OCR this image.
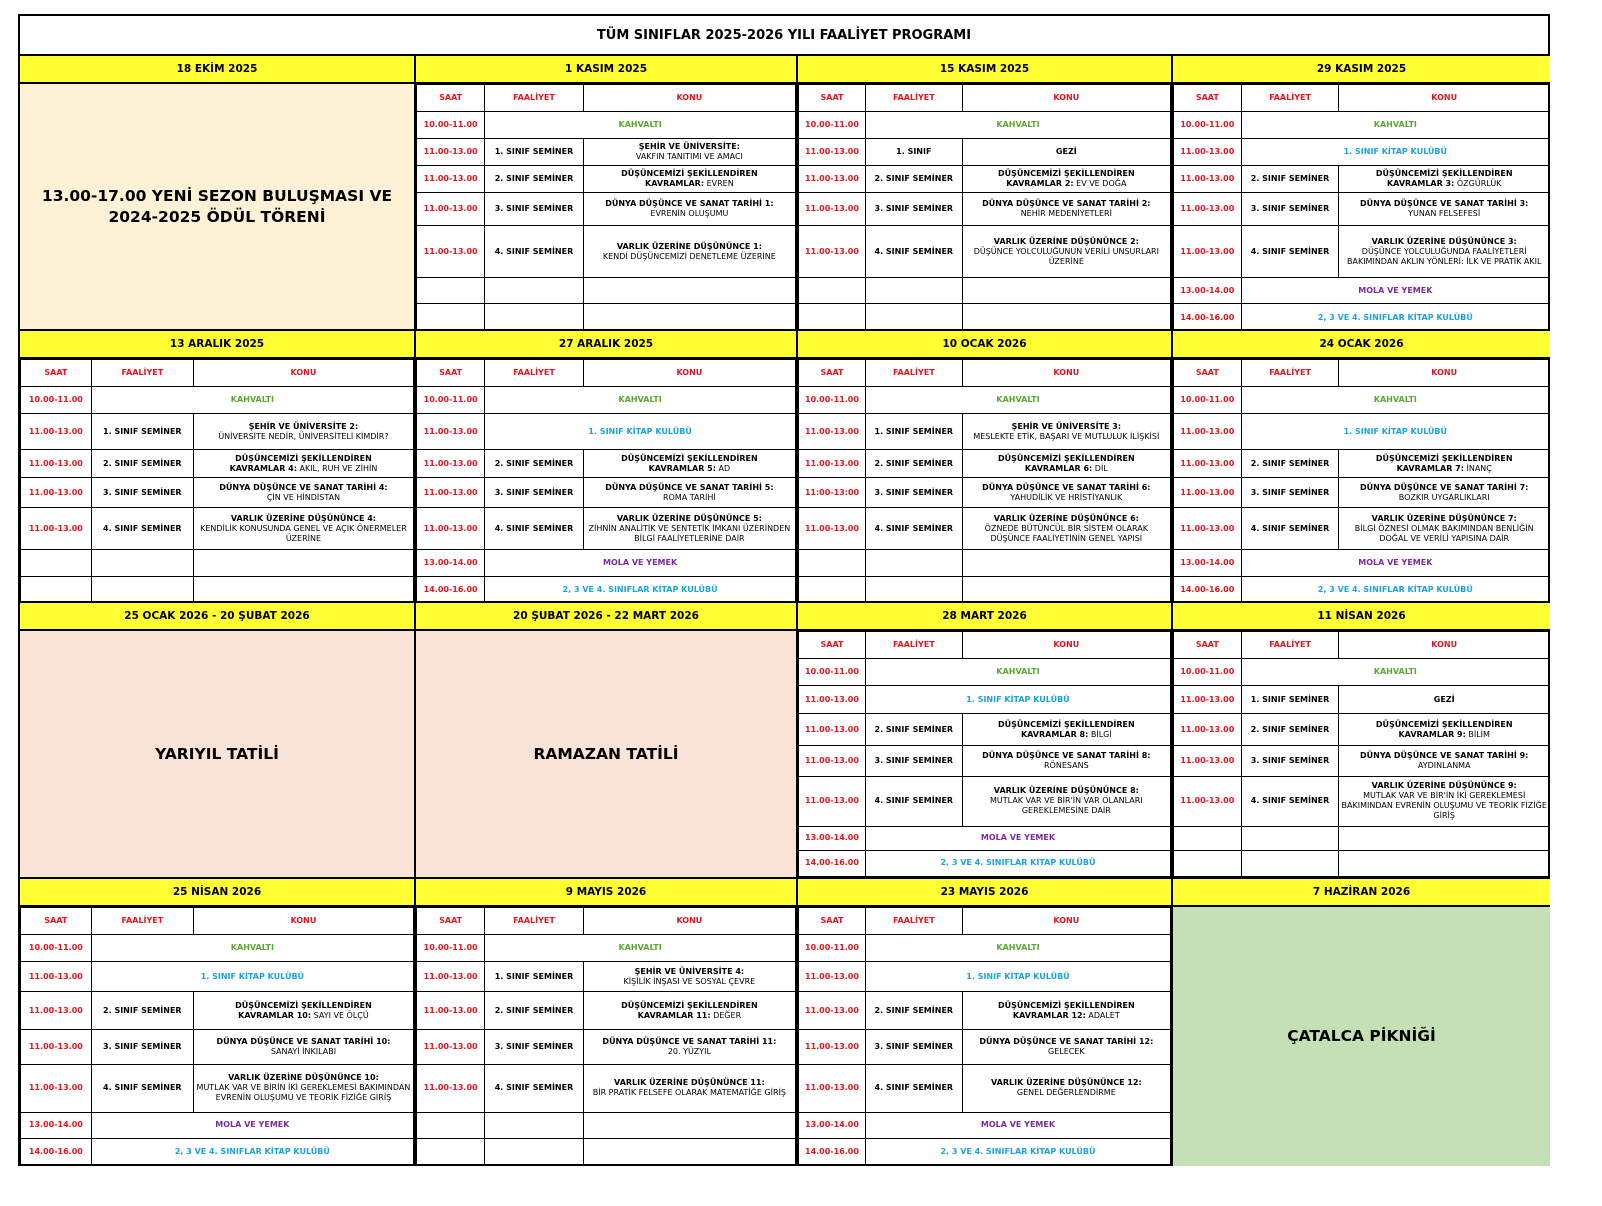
TÜM SINIFLAR 2025-2026 YILI FAALİYET PROGRAMI
18 EKİM 2025
13.00-17.00 YENİ SEZON BULUŞMASI VE 2024-2025 ÖDÜL TÖRENİ
1 KASIM 2025
SAAT	FAALİYET	KONU
10.00-11.00	KAHVALTI	
11.00-13.00	1. SINIF SEMİNER	ŞEHİR VE ÜNİVERSİTE:
VAKFIN TANITIMI VE AMACI

11.00-13.00	2. SINIF SEMİNER	DÜŞÜNCEMİZİ ŞEKİLLENDİREN
KAVRAMLAR: EVREN

11.00-13.00	3. SINIF SEMİNER	DÜNYA DÜŞÜNCE VE SANAT TARİHİ 1:
EVRENİN OLUŞUMU

11.00-13.00	4. SINIF SEMİNER	VARLIK ÜZERİNE DÜŞÜNÜNCE 1:
KENDİ DÜŞÜNCEMİZİ DENETLEME ÜZERİNE

15 KASIM 2025
SAAT	FAALİYET	KONU
10.00-11.00	KAHVALTI	
11.00-13.00	1. SINIF	GEZİ

11.00-13.00	2. SINIF SEMİNER	DÜŞÜNCEMİZİ ŞEKİLLENDİREN
KAVRAMLAR 2: EV VE DOĞA

11.00-13.00	3. SINIF SEMİNER	DÜNYA DÜŞÜNCE VE SANAT TARİHİ 2:
NEHİR MEDENİYETLERİ

11.00-13.00	4. SINIF SEMİNER	VARLIK ÜZERİNE DÜŞÜNÜNCE 2:
DÜŞÜNCE YOLCULUĞUNUN VERİLİ UNSURLARI ÜZERİNE

29 KASIM 2025
SAAT	FAALİYET	KONU
10.00-11.00	KAHVALTI	
11.00-13.00	1. SINIF KİTAP KULÜBÜ	
11.00-13.00	2. SINIF SEMİNER	DÜŞÜNCEMİZİ ŞEKİLLENDİREN
KAVRAMLAR 3: ÖZGÜRLÜK

11.00-13.00	3. SINIF SEMİNER	DÜNYA DÜŞÜNCE VE SANAT TARİHİ 3:
YUNAN FELSEFESİ

11.00-13.00	4. SINIF SEMİNER	VARLIK ÜZERİNE DÜŞÜNÜNCE 3:
DÜŞÜNCE YOLCULUĞUNDA FAALİYETLERİ BAKIMINDAN AKLIN YÖNLERİ: İLK VE PRATİK AKIL

13.00-14.00	MOLA VE YEMEK	
14.00-16.00	2, 3 VE 4. SINIFLAR KİTAP KULÜBÜ	
13 ARALIK 2025
SAAT	FAALİYET	KONU
10.00-11.00	KAHVALTI	
11.00-13.00	1. SINIF SEMİNER	ŞEHİR VE ÜNİVERSİTE 2:
ÜNİVERSİTE NEDİR, ÜNİVERSİTELİ KİMDİR?

11.00-13.00	2. SINIF SEMİNER	DÜŞÜNCEMİZİ ŞEKİLLENDİREN
KAVRAMLAR 4: AKIL, RUH VE ZİHİN

11.00-13.00	3. SINIF SEMİNER	DÜNYA DÜŞÜNCE VE SANAT TARİHİ 4:
ÇİN VE HİNDİSTAN

11.00-13.00	4. SINIF SEMİNER	VARLIK ÜZERİNE DÜŞÜNÜNCE 4:
KENDİLİK KONUSUNDA GENEL VE AÇIK ÖNERMELER ÜZERİNE

27 ARALIK 2025
SAAT	FAALİYET	KONU
10.00-11.00	KAHVALTI	
11.00-13.00	1. SINIF KİTAP KULÜBÜ	
11.00-13.00	2. SINIF SEMİNER	DÜŞÜNCEMİZİ ŞEKİLLENDİREN
KAVRAMLAR 5: AD

11.00-13.00	3. SINIF SEMİNER	DÜNYA DÜŞÜNCE VE SANAT TARİHİ 5:
ROMA TARİHİ

11.00-13.00	4. SINIF SEMİNER	VARLIK ÜZERİNE DÜŞÜNÜNCE 5:
ZİHNİN ANALİTİK VE SENTETİK İMKANI ÜZERİNDEN BİLGİ FAALİYETLERİNE DAİR

13.00-14.00	MOLA VE YEMEK	
14.00-16.00	2, 3 VE 4. SINIFLAR KİTAP KULÜBÜ	
10 OCAK 2026
SAAT	FAALİYET	KONU
10.00-11.00	KAHVALTI	
11.00-13.00	1. SINIF SEMİNER	ŞEHİR VE ÜNİVERSİTE 3:
MESLEKTE ETİK, BAŞARI VE MUTLULUK İLİŞKİSİ

11.00-13.00	2. SINIF SEMİNER	DÜŞÜNCEMİZİ ŞEKİLLENDİREN
KAVRAMLAR 6: DİL

11:00-13:00	3. SINIF SEMİNER	DÜNYA DÜŞÜNCE VE SANAT TARİHİ 6:
YAHUDİLİK VE HRİSTİYANLIK

11.00-13.00	4. SINIF SEMİNER	VARLIK ÜZERİNE DÜŞÜNÜNCE 6:
ÖZNEDE BÜTÜNCÜL BİR SİSTEM OLARAK DÜŞÜNCE FAALİYETİNİN GENEL YAPISI

24 OCAK 2026
SAAT	FAALİYET	KONU
10.00-11.00	KAHVALTI	
11.00-13.00	1. SINIF KİTAP KULÜBÜ	
11.00-13.00	2. SINIF SEMİNER	DÜŞÜNCEMİZİ ŞEKİLLENDİREN
KAVRAMLAR 7: İNANÇ

11.00-13.00	3. SINIF SEMİNER	DÜNYA DÜŞÜNCE VE SANAT TARİHİ 7:
BOZKIR UYGARLIKLARI

11.00-13.00	4. SINIF SEMİNER	VARLIK ÜZERİNE DÜŞÜNÜNCE 7:
BİLGİ ÖZNESİ OLMAK BAKIMINDAN BENLİĞİN DOĞAL VE VERİLİ YAPISINA DAİR

13.00-14.00	MOLA VE YEMEK	
14.00-16.00	2, 3 VE 4. SINIFLAR KİTAP KULÜBÜ	
25 OCAK 2026 - 20 ŞUBAT 2026
YARIYIL TATİLİ
20 ŞUBAT 2026 - 22 MART 2026
RAMAZAN TATİLİ
28 MART 2026
SAAT	FAALİYET	KONU
10.00-11.00	KAHVALTI	
11.00-13.00	1. SINIF KİTAP KULÜBÜ	
11.00-13.00	2. SINIF SEMİNER	DÜŞÜNCEMİZİ ŞEKİLLENDİREN
KAVRAMLAR 8: BİLGİ

11.00-13.00	3. SINIF SEMİNER	DÜNYA DÜŞÜNCE VE SANAT TARİHİ 8:
RÖNESANS

11.00-13.00	4. SINIF SEMİNER	VARLIK ÜZERİNE DÜŞÜNÜNCE 8:
MUTLAK VAR VE BİR'İN VAR OLANLARI GEREKLEMESİNE DAİR

13.00-14.00	MOLA VE YEMEK	
14.00-16.00	2, 3 VE 4. SINIFLAR KİTAP KULÜBÜ	
11 NİSAN 2026
SAAT	FAALİYET	KONU
10.00-11.00	KAHVALTI	
11.00-13.00	1. SINIF SEMİNER	GEZİ

11.00-13.00	2. SINIF SEMİNER	DÜŞÜNCEMİZİ ŞEKİLLENDİREN
KAVRAMLAR 9: BİLİM

11.00-13.00	3. SINIF SEMİNER	DÜNYA DÜŞÜNCE VE SANAT TARİHİ 9:
AYDINLANMA

11.00-13.00	4. SINIF SEMİNER	VARLIK ÜZERİNE DÜŞÜNÜNCE 9:
MUTLAK VAR VE BİR'İN İKİ GEREKLEMESİ BAKIMINDAN EVRENİN OLUŞUMU VE TEORİK FİZİĞE GİRİŞ

25 NİSAN 2026
SAAT	FAALİYET	KONU
10.00-11.00	KAHVALTI	
11.00-13.00	1. SINIF KİTAP KULÜBÜ	
11.00-13.00	2. SINIF SEMİNER	DÜŞÜNCEMİZİ ŞEKİLLENDİREN
KAVRAMLAR 10: SAYI VE ÖLÇÜ

11.00-13.00	3. SINIF SEMİNER	DÜNYA DÜŞÜNCE VE SANAT TARİHİ 10:
SANAYİ İNKILABI

11.00-13.00	4. SINIF SEMİNER	VARLIK ÜZERİNE DÜŞÜNÜNCE 10:
MUTLAK VAR VE BİRİN İKİ GEREKLEMESİ BAKIMINDAN EVRENİN OLUŞUMU VE TEORİK FİZİĞE GİRİŞ

13.00-14.00	MOLA VE YEMEK	
14.00-16.00	2, 3 VE 4. SINIFLAR KİTAP KULÜBÜ	
9 MAYIS 2026
SAAT	FAALİYET	KONU
10.00-11.00	KAHVALTI	
11.00-13.00	1. SINIF SEMİNER	ŞEHİR VE ÜNİVERSİTE 4:
KİŞİLİK İNŞASI VE SOSYAL ÇEVRE

11.00-13.00	2. SINIF SEMİNER	DÜŞÜNCEMİZİ ŞEKİLLENDİREN
KAVRAMLAR 11: DEĞER

11.00-13.00	3. SINIF SEMİNER	DÜNYA DÜŞÜNCE VE SANAT TARİHİ 11:
20. YÜZYIL

11.00-13.00	4. SINIF SEMİNER	VARLIK ÜZERİNE DÜŞÜNÜNCE 11:
BİR PRATİK FELSEFE OLARAK MATEMATİĞE GİRİŞ

23 MAYIS 2026
SAAT	FAALİYET	KONU
10.00-11.00	KAHVALTI	
11.00-13.00	1. SINIF KİTAP KULÜBÜ	
11.00-13.00	2. SINIF SEMİNER	DÜŞÜNCEMİZİ ŞEKİLLENDİREN
KAVRAMLAR 12: ADALET

11.00-13.00	3. SINIF SEMİNER	DÜNYA DÜŞÜNCE VE SANAT TARİHİ 12:
GELECEK

11.00-13.00	4. SINIF SEMİNER	VARLIK ÜZERİNE DÜŞÜNÜNCE 12:
GENEL DEĞERLENDİRME

13.00-14.00	MOLA VE YEMEK	
14.00-16.00	2, 3 VE 4. SINIFLAR KİTAP KULÜBÜ	
7 HAZİRAN 2026
ÇATALCA PİKNİĞİ
